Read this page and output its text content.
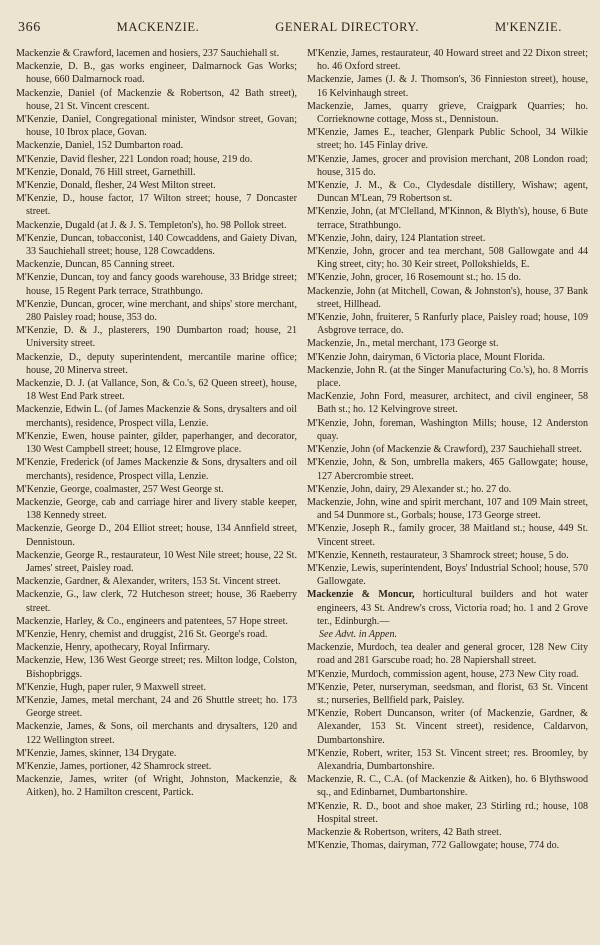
366	MACKENZIE.	GENERAL DIRECTORY.	M'KENZIE.
Mackenzie & Crawford, lacemen and hosiers, 237 Sauchiehall st.
Mackenzie, D. B., gas works engineer, Dalmarnock Gas Works; house, 660 Dalmarnock road.
Mackenzie, Daniel (of Mackenzie & Robertson, 42 Bath street), house, 21 St. Vincent crescent.
M'Kenzie, Daniel, Congregational minister, Windsor street, Govan; house, 10 Ibrox place, Govan.
Mackenzie, Daniel, 152 Dumbarton road.
M'Kenzie, David flesher, 221 London road; house, 219 do.
M'Kenzie, Donald, 76 Hill street, Garnethill.
M'Kenzie, Donald, flesher, 24 West Milton street.
M'Kenzie, D., house factor, 17 Wilton street; house, 7 Doncaster street.
Mackenzie, Dugald (at J. & J. S. Templeton's), ho. 98 Pollok street.
M'Kenzie, Duncan, tobacconist, 140 Cowcaddens, and Gaiety Divan, 33 Sauchiehall street; house, 128 Cowcaddens.
Mackenzie, Duncan, 85 Canning street.
M'Kenzie, Duncan, toy and fancy goods warehouse, 33 Bridge street; house, 15 Regent Park terrace, Strathbungo.
M'Kenzie, Duncan, grocer, wine merchant, and ships' store merchant, 280 Paisley road; house, 353 do.
M'Kenzie, D. & J., plasterers, 190 Dumbarton road; house, 21 University street.
Mackenzie, D., deputy superintendent, mercantile marine office; house, 20 Minerva street.
Mackenzie, D. J. (at Vallance, Son, & Co.'s, 62 Queen street), house, 18 West End Park street.
Mackenzie, Edwin L. (of James Mackenzie & Sons, drysalters and oil merchants), residence, Prospect villa, Lenzie.
M'Kenzie, Ewen, house painter, gilder, paperhanger, and decorator, 130 West Campbell street; house, 12 Elmgrove place.
M'Kenzie, Frederick (of James Mackenzie & Sons, drysalters and oil merchants), residence, Prospect villa, Lenzie.
M'Kenzie, George, coalmaster, 257 West George st.
Mackenzie, George, cab and carriage hirer and livery stable keeper, 138 Kennedy street.
Mackenzie, George D., 204 Elliot street; house, 134 Annfield street, Dennistoun.
Mackenzie, George R., restaurateur, 10 West Nile street; house, 22 St. James' street, Paisley road.
Mackenzie, Gardner, & Alexander, writers, 153 St. Vincent street.
Mackenzie, G., law clerk, 72 Hutcheson street; house, 36 Raeberry street.
Mackenzie, Harley, & Co., engineers and patentees, 57 Hope street.
M'Kenzie, Henry, chemist and druggist, 216 St. George's road.
Mackenzie, Henry, apothecary, Royal Infirmary.
Mackenzie, Hew, 136 West George street; res. Milton lodge, Colston, Bishopbriggs.
M'Kenzie, Hugh, paper ruler, 9 Maxwell street.
M'Kenzie, James, metal merchant, 24 and 26 Shuttle street; ho. 173 George street.
Mackenzie, James, & Sons, oil merchants and drysalters, 120 and 122 Wellington street.
M'Kenzie, James, skinner, 134 Drygate.
M'Kenzie, James, portioner, 42 Shamrock street.
Mackenzie, James, writer (of Wright, Johnston, Mackenzie, & Aitken), ho. 2 Hamilton crescent, Partick.
M'Kenzie, James, restaurateur, 40 Howard street and 22 Dixon street; ho. 46 Oxford street.
Mackenzie, James (J. & J. Thomson's, 36 Finnieston street), house, 16 Kelvinhaugh street.
Mackenzie, James, quarry grieve, Craigpark Quarries; ho. Corrieknowne cottage, Moss st., Dennistoun.
M'Kenzie, James E., teacher, Glenpark Public School, 34 Wilkie street; ho. 145 Finlay drive.
M'Kenzie, James, grocer and provision merchant, 208 London road; house, 315 do.
M'Kenzie, J. M., & Co., Clydesdale distillery, Wishaw; agent, Duncan M'Lean, 79 Robertson st.
M'Kenzie, John, (at M'Clelland, M'Kinnon, & Blyth's), house, 6 Bute terrace, Strathbungo.
M'Kenzie, John, dairy, 124 Plantation street.
M'Kenzie, John, grocer and tea merchant, 508 Gallowgate and 44 King street, city; ho. 30 Keir street, Pollokshields, E.
M'Kenzie, John, grocer, 16 Rosemount st.; ho. 15 do.
Mackenzie, John (at Mitchell, Cowan, & Johnston's), house, 37 Bank street, Hillhead.
M'Kenzie, John, fruiterer, 5 Ranfurly place, Paisley road; house, 109 Asbgrove terrace, do.
Mackenzie, Jn., metal merchant, 173 George st.
M'Kenzie John, dairyman, 6 Victoria place, Mount Florida.
Mackenzie, John R. (at the Singer Manufacturing Co.'s), ho. 8 Morris place.
MacKenzie, John Ford, measurer, architect, and civil engineer, 58 Bath st.; ho. 12 Kelvingrove street.
M'Kenzie, John, foreman, Washington Mills; house, 12 Anderston quay.
M'Kenzie, John (of Mackenzie & Crawford), 237 Sauchiehall street.
M'Kenzie, John, & Son, umbrella makers, 465 Gallowgate; house, 127 Abercrombie street.
M'Kenzie, John, dairy, 29 Alexander st.; ho. 27 do.
Mackenzie, John, wine and spirit merchant, 107 and 109 Main street, and 54 Dunmore st., Gorbals; house, 173 George street.
M'Kenzie, Joseph R., family grocer, 38 Maitland st.; house, 449 St. Vincent street.
M'Kenzie, Kenneth, restaurateur, 3 Shamrock street; house, 5 do.
M'Kenzie, Lewis, superintendent, Boys' Industrial School; house, 570 Gallowgate.
Mackenzie & Moncur, horticultural builders and hot water engineers, 43 St. Andrew's cross, Victoria road; ho. 1 and 2 Grove ter., Edinburgh.—
See Advt. in Appen.
Mackenzie, Murdoch, tea dealer and general grocer, 128 New City road and 281 Garscube road; ho. 28 Napiershall street.
M'Kenzie, Murdoch, commission agent, house, 273 New City road.
M'Kenzie, Peter, nurseryman, seedsman, and florist, 63 St. Vincent st.; nurseries, Bellfield park, Paisley.
M'Kenzie, Robert Duncanson, writer (of Mackenzie, Gardner, & Alexander, 153 St. Vincent street), residence, Caldarvon, Dumbartonshire.
M'Kenzie, Robert, writer, 153 St. Vincent street; res. Broomley, by Alexandria, Dumbartonshire.
Mackenzie, R. C., C.A. (of Mackenzie & Aitken), ho. 6 Blythswood sq., and Edinbarnet, Dumbartonshire.
M'Kenzie, R. D., boot and shoe maker, 23 Stirling rd.; house, 108 Hospital street.
Mackenzie & Robertson, writers, 42 Bath street.
M'Kenzie, Thomas, dairyman, 772 Gallowgate; house, 774 do.
